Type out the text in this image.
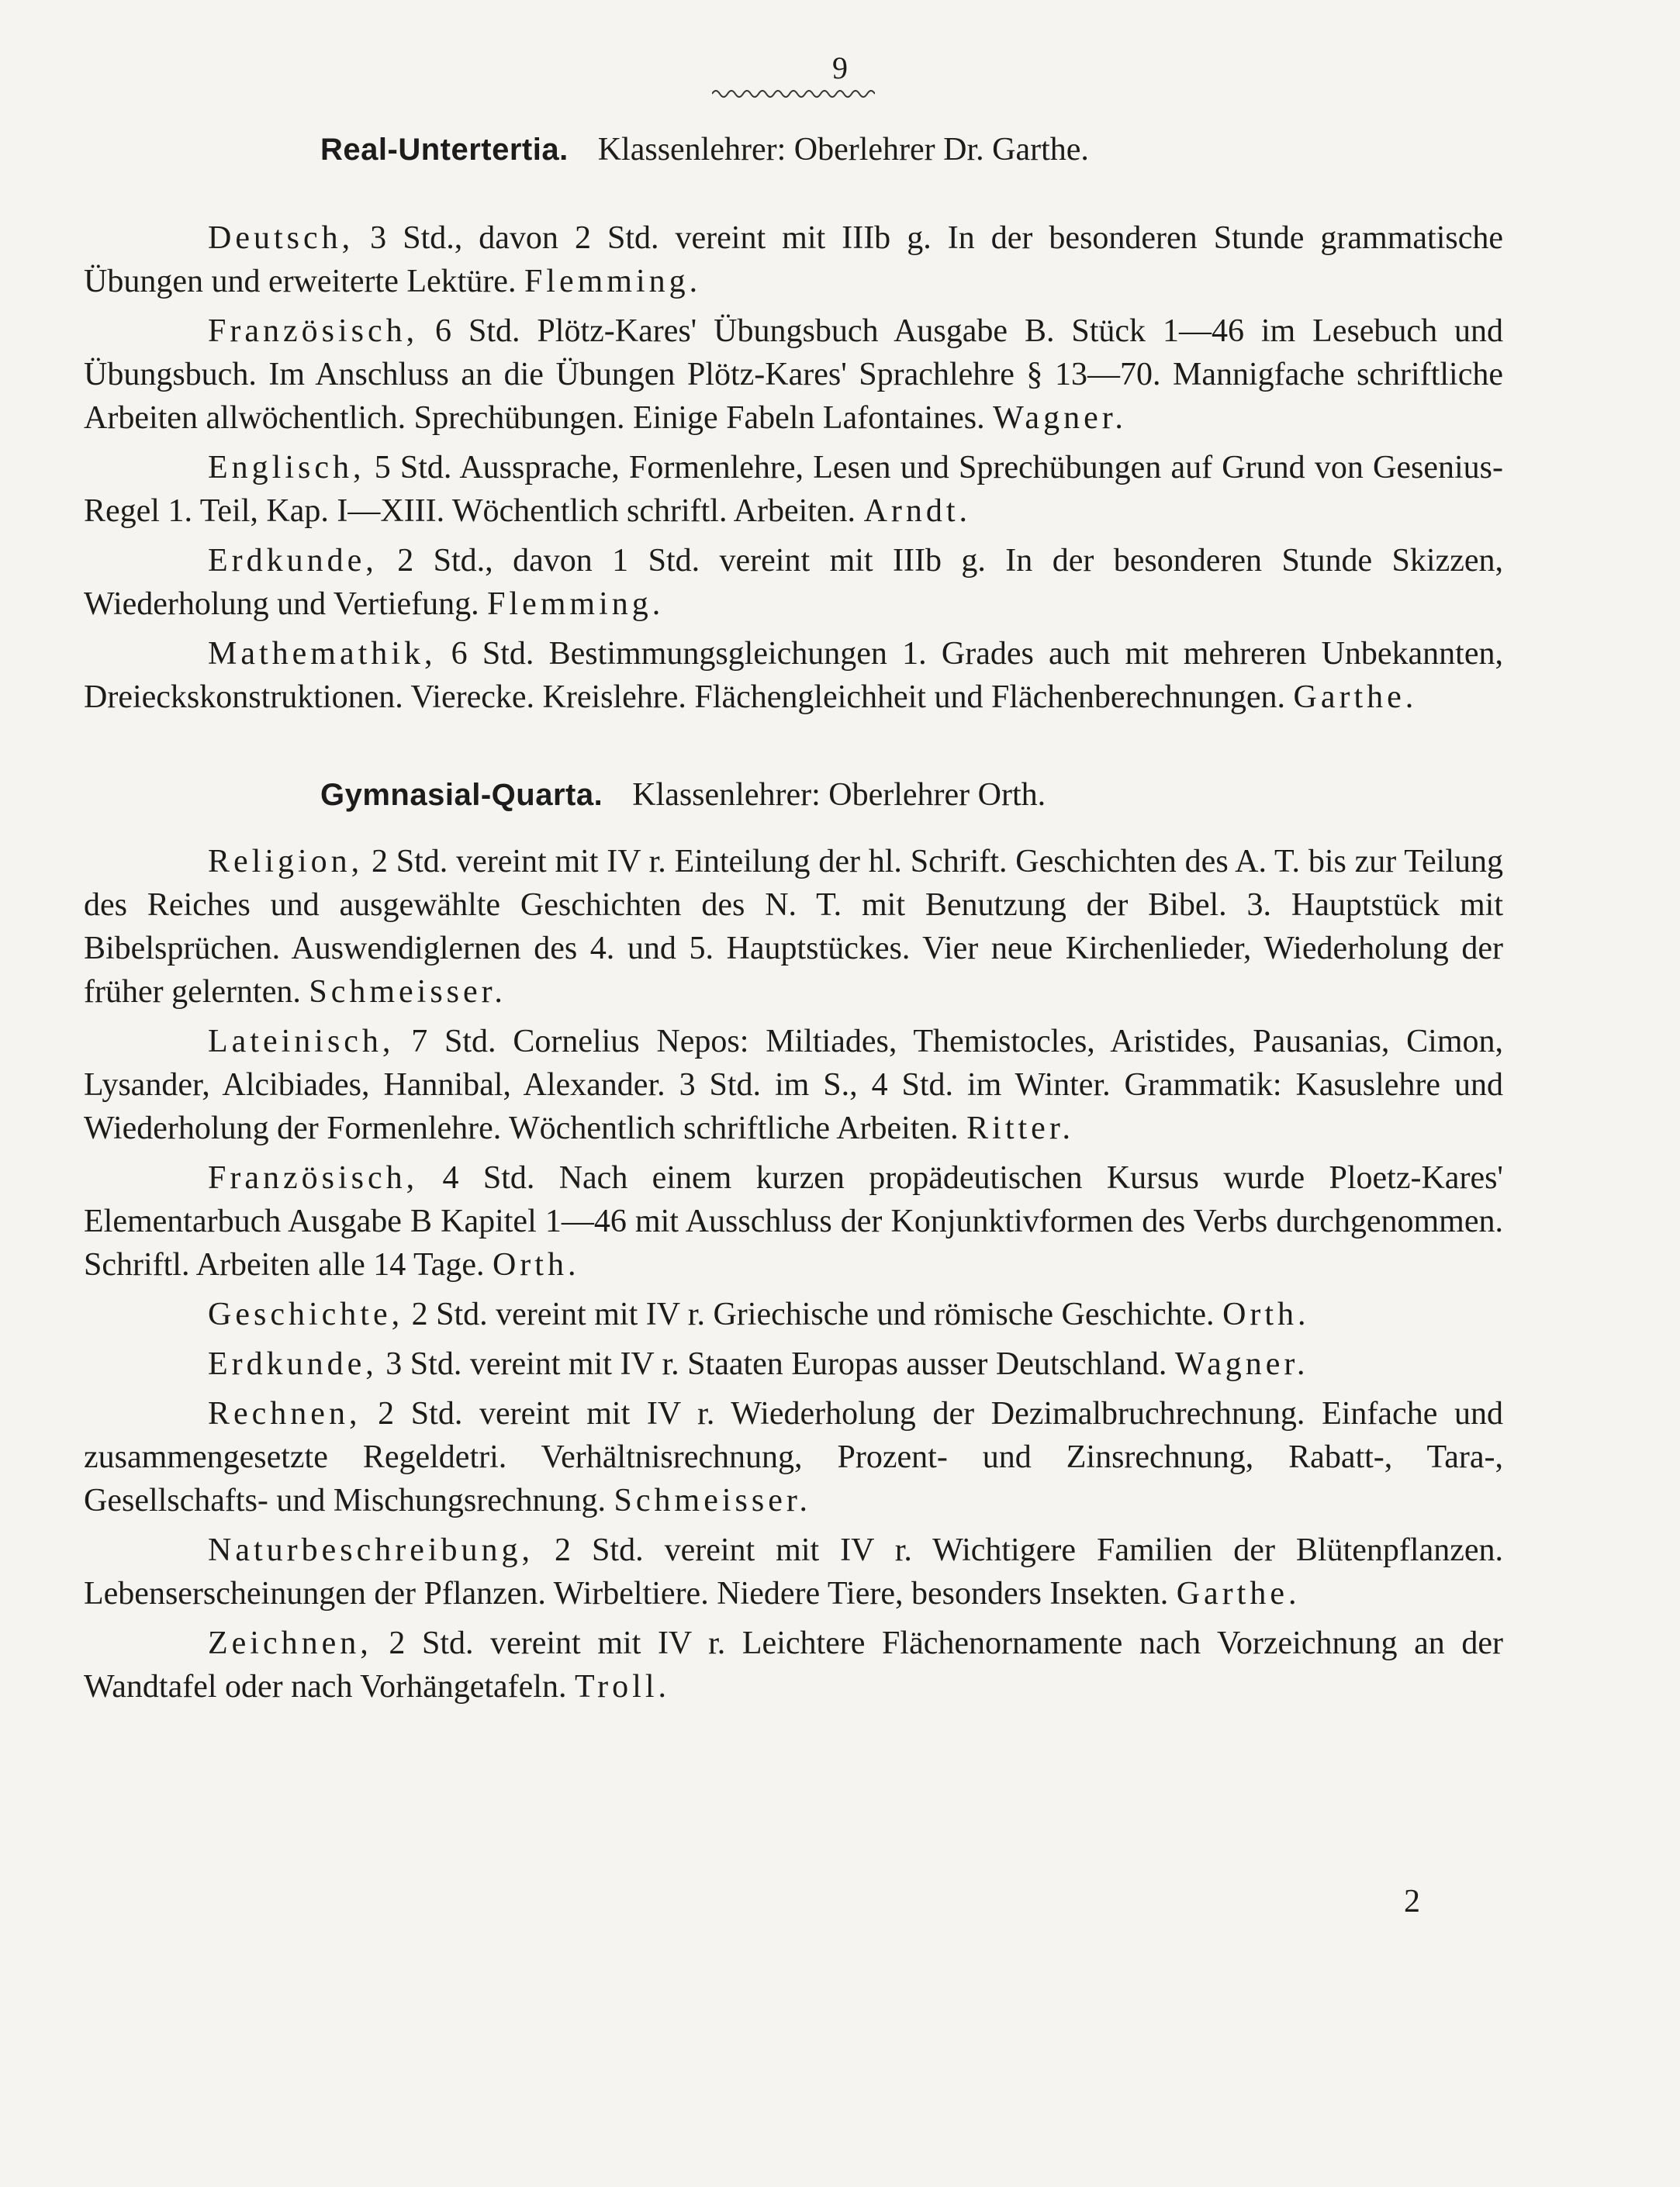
9
Real-Untertertia. Klassenlehrer: Oberlehrer Dr. Garthe.

Deutsch, 3 Std., davon 2 Std. vereint mit IIIb g. In der besonderen Stunde grammatische Übungen und erweiterte Lektüre. Flemming.

Französisch, 6 Std. Plötz-Kares' Übungsbuch Ausgabe B. Stück 1—46 im Lesebuch und Übungsbuch. Im Anschluss an die Übungen Plötz-Kares' Sprachlehre § 13—70. Mannigfache schriftliche Arbeiten allwöchentlich. Sprechübungen. Einige Fabeln Lafontaines. Wagner.

Englisch, 5 Std. Aussprache, Formenlehre, Lesen und Sprechübungen auf Grund von Gesenius-Regel 1. Teil, Kap. I—XIII. Wöchentlich schriftl. Arbeiten. Arndt.

Erdkunde, 2 Std., davon 1 Std. vereint mit IIIb g. In der besonderen Stunde Skizzen, Wiederholung und Vertiefung. Flemming.

Mathemathik, 6 Std. Bestimmungsgleichungen 1. Grades auch mit mehreren Unbekannten, Dreieckskonstruktionen. Vierecke. Kreislehre. Flächengleichheit und Flächenberechnungen. Garthe.

Gymnasial-Quarta. Klassenlehrer: Oberlehrer Orth.

Religion, 2 Std. vereint mit IV r. Einteilung der hl. Schrift. Geschichten des A. T. bis zur Teilung des Reiches und ausgewählte Geschichten des N. T. mit Benutzung der Bibel. 3. Hauptstück mit Bibelsprüchen. Auswendiglernen des 4. und 5. Hauptstückes. Vier neue Kirchenlieder, Wiederholung der früher gelernten. Schmeisser.

Lateinisch, 7 Std. Cornelius Nepos: Miltiades, Themistocles, Aristides, Pausanias, Cimon, Lysander, Alcibiades, Hannibal, Alexander. 3 Std. im S., 4 Std. im Winter. Grammatik: Kasuslehre und Wiederholung der Formenlehre. Wöchentlich schriftliche Arbeiten. Ritter.

Französisch, 4 Std. Nach einem kurzen propädeutischen Kursus wurde Ploetz-Kares' Elementarbuch Ausgabe B Kapitel 1—46 mit Ausschluss der Konjunktivformen des Verbs durchgenommen. Schriftl. Arbeiten alle 14 Tage. Orth.

Geschichte, 2 Std. vereint mit IV r. Griechische und römische Geschichte. Orth.

Erdkunde, 3 Std. vereint mit IV r. Staaten Europas ausser Deutschland. Wagner.

Rechnen, 2 Std. vereint mit IV r. Wiederholung der Dezimalbruchrechnung. Einfache und zusammengesetzte Regeldetri. Verhältnisrechnung, Prozent- und Zinsrechnung, Rabatt-, Tara-, Gesellschafts- und Mischungsrechnung. Schmeisser.

Naturbeschreibung, 2 Std. vereint mit IV r. Wichtigere Familien der Blütenpflanzen. Lebenserscheinungen der Pflanzen. Wirbeltiere. Niedere Tiere, besonders Insekten. Garthe.

Zeichnen, 2 Std. vereint mit IV r. Leichtere Flächenornamente nach Vorzeichnung an der Wandtafel oder nach Vorhängetafeln. Troll.

2
